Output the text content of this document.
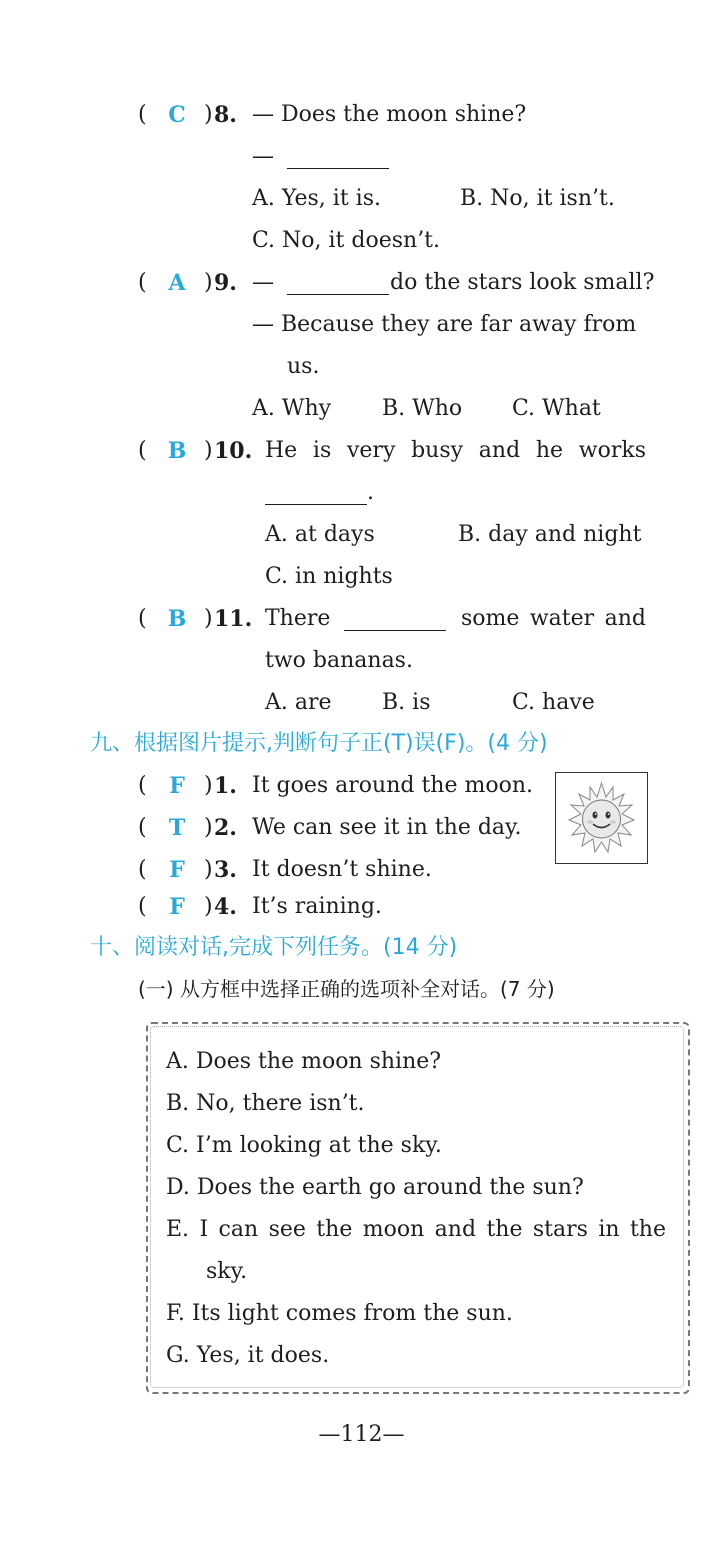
( C ) 8. — Does the moon shine?
—
A. Yes, it is.	B. No, it isn’t.
C. No, it doesn’t.
( A ) 9. —	do the stars look small?
— Because they are far away from
us.
A. Why B. Who C. What
( B ) 10. He is very busy and he works
.
A. at days	B. day and night
C. in nights
( B ) 11. There	some water and
two bananas.
A. are B. is	C. have
九、根据图片提示,判断句子正(T)误(F)。(4 分)
(	F ) 1. It goes around the moon.
(	T ) 2. We can see it in the day.
(	F ) 3. It doesn’t shine.
(	F ) 4. It’s raining.
十、阅读对话,完成下列任务。(14 分)
(一) 从方框中选择正确的选项补全对话。(7 分)
A. Does the moon shine?
B. No, there isn’t.
C. I’m looking at the sky.
D. Does the earth go around the sun?
E. I can see the moon and the stars in the
sky.
F. Its light comes from the sun.
G. Yes, it does.
—112—
